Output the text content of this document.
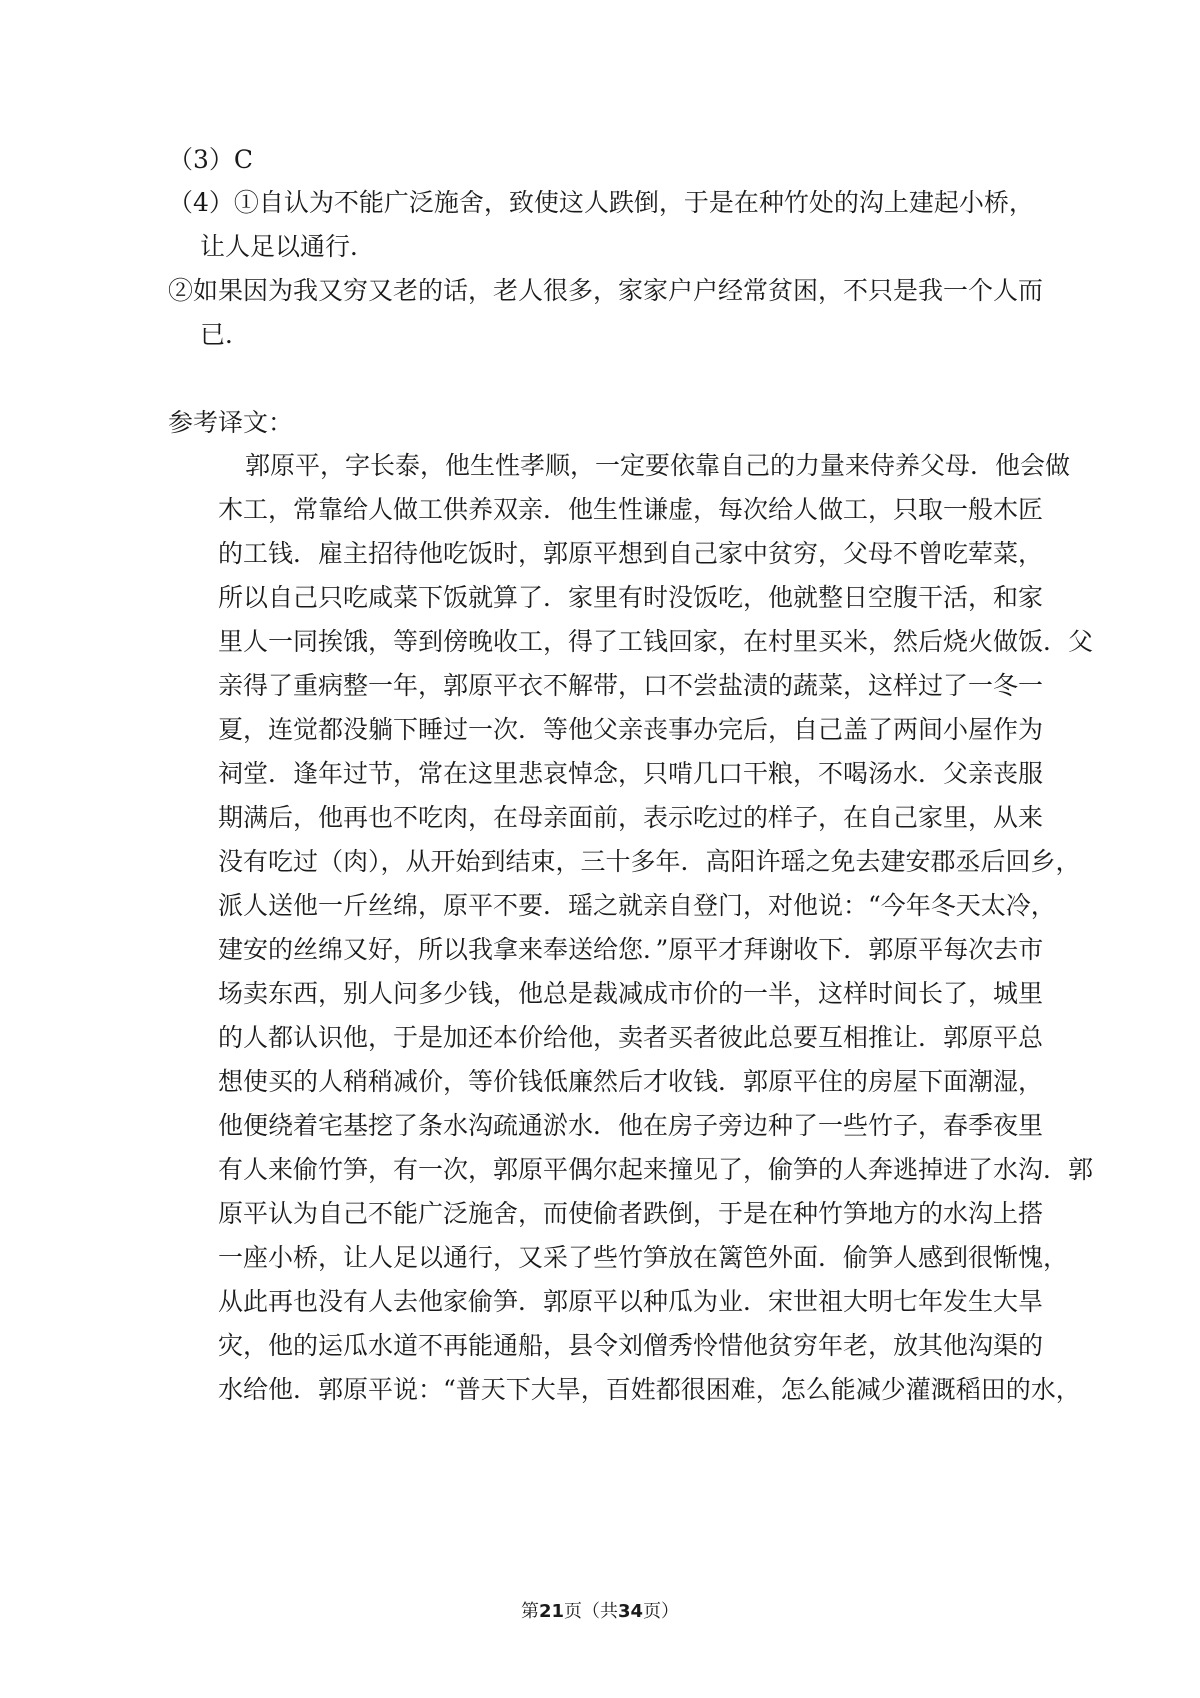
（3）C
（4）①自认为不能广泛施舍，致使这人跌倒，于是在种竹处的沟上建起小桥，
让人足以通行．
②如果因为我又穷又老的话，老人很多，家家户户经常贫困，不只是我一个人而
已．
参考译文：
郭原平，字长泰，他生性孝顺，一定要依靠自己的力量来侍养父母．他会做
木工，常靠给人做工供养双亲．他生性谦虚，每次给人做工，只取一般木匠
的工钱．雇主招待他吃饭时，郭原平想到自己家中贫穷，父母不曾吃荤菜，
所以自己只吃咸菜下饭就算了．家里有时没饭吃，他就整日空腹干活，和家
里人一同挨饿，等到傍晚收工，得了工钱回家，在村里买米，然后烧火做饭．父
亲得了重病整一年，郭原平衣不解带，口不尝盐渍的蔬菜，这样过了一冬一
夏，连觉都没躺下睡过一次．等他父亲丧事办完后，自己盖了两间小屋作为
祠堂．逢年过节，常在这里悲哀悼念，只啃几口干粮，不喝汤水．父亲丧服
期满后，他再也不吃肉，在母亲面前，表示吃过的样子，在自己家里，从来
没有吃过（肉），从开始到结束，三十多年．高阳许瑶之免去建安郡丞后回乡，
派人送他一斤丝绵，原平不要．瑶之就亲自登门，对他说：“今年冬天太冷，
建安的丝绵又好，所以我拿来奉送给您．”原平才拜谢收下．郭原平每次去市
场卖东西，别人问多少钱，他总是裁减成市价的一半，这样时间长了，城里
的人都认识他，于是加还本价给他，卖者买者彼此总要互相推让．郭原平总
想使买的人稍稍减价，等价钱低廉然后才收钱．郭原平住的房屋下面潮湿，
他便绕着宅基挖了条水沟疏通淤水．他在房子旁边种了一些竹子，春季夜里
有人来偷竹笋，有一次，郭原平偶尔起来撞见了，偷笋的人奔逃掉进了水沟．郭
原平认为自己不能广泛施舍，而使偷者跌倒，于是在种竹笋地方的水沟上搭
一座小桥，让人足以通行，又采了些竹笋放在篱笆外面．偷笋人感到很惭愧，
从此再也没有人去他家偷笋．郭原平以种瓜为业．宋世祖大明七年发生大旱
灾，他的运瓜水道不再能通船，县令刘僧秀怜惜他贫穷年老，放其他沟渠的
水给他．郭原平说：“普天下大旱，百姓都很困难，怎么能减少灌溉稻田的水，
第21页（共34页）
